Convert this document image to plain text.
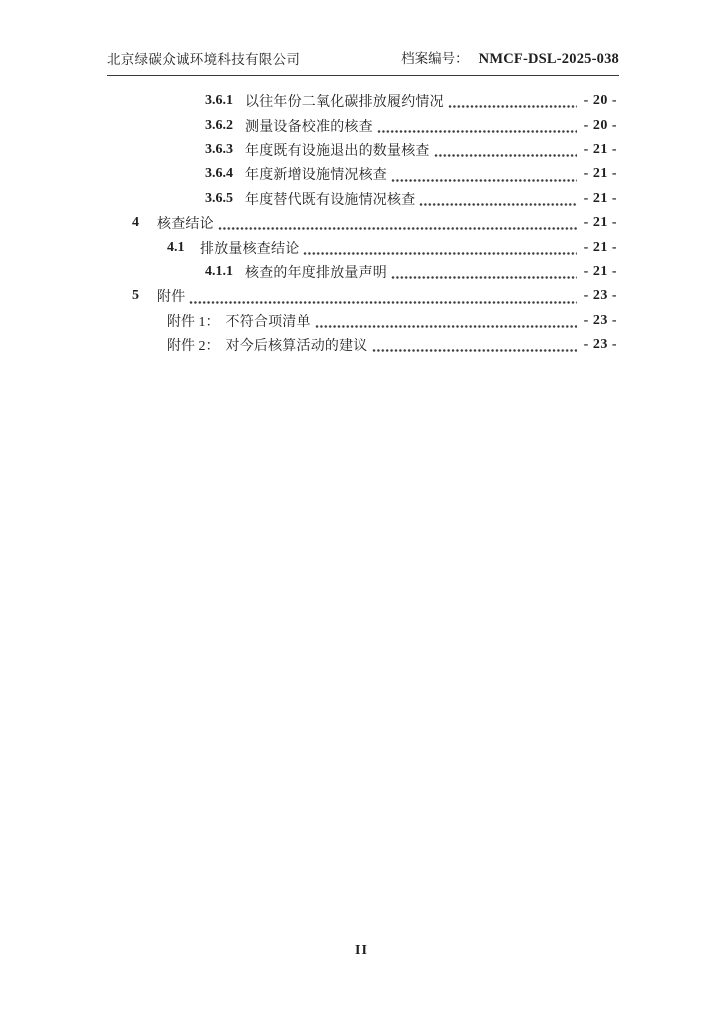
北京绿碳众诚环境科技有限公司	档案编号： NMCF-DSL-2025-038
3.6.1 以往年份二氧化碳排放履约情况	- 20 -
3.6.2 测量设备校准的核查	- 20 -
3.6.3 年度既有设施退出的数量核查	- 21 -
3.6.4 年度新增设施情况核查	- 21 -
3.6.5 年度替代既有设施情况核查	- 21 -
4	核查结论	- 21 -
4.1	排放量核查结论	- 21 -
4.1.1 核查的年度排放量声明	- 21 -
5	附件	- 23 -
附件 1： 不符合项清单	- 23 -
附件 2： 对今后核算活动的建议	- 23 -
II
